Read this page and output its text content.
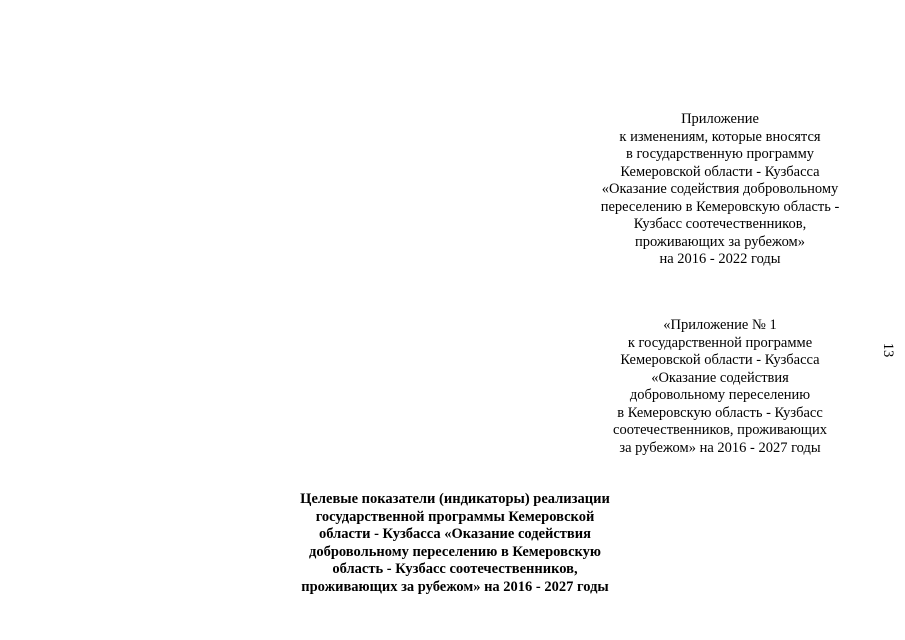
Приложение
к изменениям, которые вносятся
в государственную программу
Кемеровской области - Кузбасса
«Оказание содействия добровольному
переселению в Кемеровскую область -
Кузбасс соотечественников,
проживающих за рубежом»
на 2016 - 2022 годы
«Приложение № 1
к государственной программе
Кемеровской области - Кузбасса
«Оказание содействия
добровольному переселению
в Кемеровскую область - Кузбасс
соотечественников, проживающих
за рубежом» на 2016 - 2027 годы
Целевые показатели (индикаторы) реализации
государственной программы Кемеровской
области - Кузбасса «Оказание содействия
добровольному переселению в Кемеровскую
область - Кузбасс соотечественников,
проживающих за рубежом» на 2016 - 2027 годы
13
